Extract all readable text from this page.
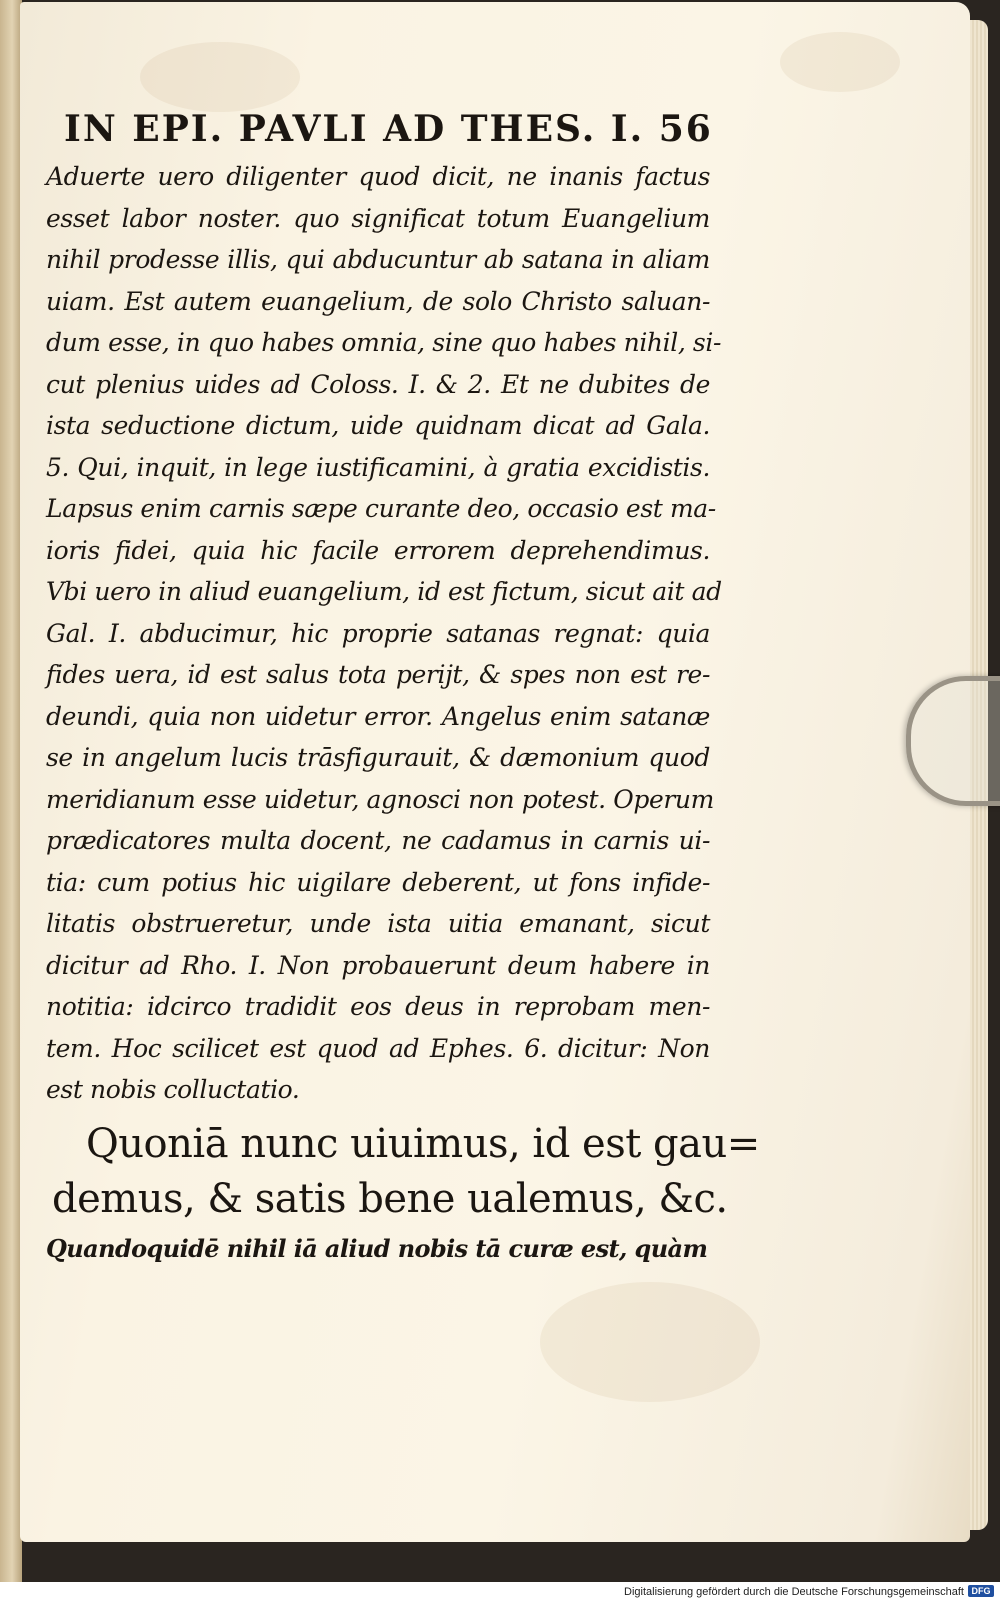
IN EPI. PAVLI AD THES. I. 56
Aduerte uero diligenter quod dicit, ne inanis factus
esset labor noster. quo significat totum Euangelium
nihil prodesse illis, qui abducuntur ab satana in aliam
uiam. Est autem euangelium, de solo Christo saluan-
dum esse, in quo habes omnia, sine quo habes nihil, si-
cut plenius uides ad Coloss. I. & 2. Et ne dubites de
ista seductione dictum, uide quidnam dicat ad Gala.
5. Qui, inquit, in lege iustificamini, à gratia excidistis.
Lapsus enim carnis sæpe curante deo, occasio est ma-
ioris fidei, quia hic facile errorem deprehendimus.
Vbi uero in aliud euangelium, id est fictum, sicut ait ad
Gal. I. abducimur, hic proprie satanas regnat: quia
fides uera, id est salus tota perijt, & spes non est re-
deundi, quia non uidetur error. Angelus enim satanæ
se in angelum lucis trāsfigurauit, & dæmonium quod
meridianum esse uidetur, agnosci non potest. Operum
prædicatores multa docent, ne cadamus in carnis ui-
tia: cum potius hic uigilare deberent, ut fons infide-
litatis obstrueretur, unde ista uitia emanant, sicut
dicitur ad Rho. I. Non probauerunt deum habere in
notitia: idcirco tradidit eos deus in reprobam men-
tem. Hoc scilicet est quod ad Ephes. 6. dicitur: Non
est nobis colluctatio.
Quoniā nunc uiuimus, id est gau=
demus, & satis bene ualemus, &c.
Quandoquidē nihil iā aliud nobis tā curæ est, quàm
Digitalisierung gefördert durch die Deutsche Forschungsgemeinschaft DFG
